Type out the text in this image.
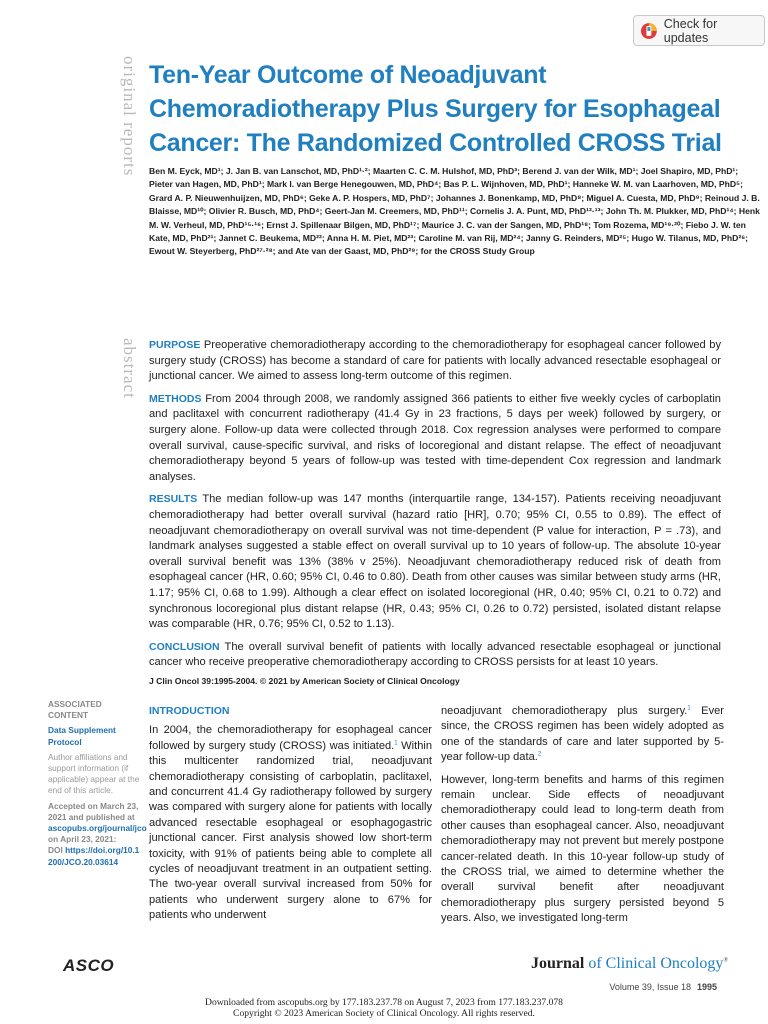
Check for updates
original reports
abstract
Ten-Year Outcome of Neoadjuvant Chemoradiotherapy Plus Surgery for Esophageal Cancer: The Randomized Controlled CROSS Trial
Ben M. Eyck, MD¹; J. Jan B. van Lanschot, MD, PhD¹·²; Maarten C. C. M. Hulshof, MD, PhD³; Berend J. van der Wilk, MD¹; Joel Shapiro, MD, PhD¹; Pieter van Hagen, MD, PhD¹; Mark I. van Berge Henegouwen, MD, PhD⁴; Bas P. L. Wijnhoven, MD, PhD¹; Hanneke W. M. van Laarhoven, MD, PhD⁵; Grard A. P. Nieuwenhuijzen, MD, PhD⁶; Geke A. P. Hospers, MD, PhD⁷; Johannes J. Bonenkamp, MD, PhD⁸; Miguel A. Cuesta, MD, PhD⁹; Reinoud J. B. Blaisse, MD¹⁰; Olivier R. Busch, MD, PhD⁴; Geert-Jan M. Creemers, MD, PhD¹¹; Cornelis J. A. Punt, MD, PhD¹²·¹³; John Th. M. Plukker, MD, PhD¹⁴; Henk M. W. Verheul, MD, PhD¹⁵·¹⁶; Ernst J. Spillenaar Bilgen, MD, PhD¹⁷; Maurice J. C. van der Sangen, MD, PhD¹⁸; Tom Rozema, MD¹⁹·²⁰; Fiebo J. W. ten Kate, MD, PhD²¹; Jannet C. Beukema, MD²²; Anna H. M. Piet, MD²³; Caroline M. van Rij, MD²⁴; Janny G. Reinders, MD²⁵; Hugo W. Tilanus, MD, PhD²⁶; Ewout W. Steyerberg, PhD²⁷·²⁸; and Ate van der Gaast, MD, PhD²⁹; for the CROSS Study Group

PURPOSE Preoperative chemoradiotherapy according to the chemoradiotherapy for esophageal cancer followed by surgery study (CROSS) has become a standard of care for patients with locally advanced resectable esophageal or junctional cancer. We aimed to assess long-term outcome of this regimen.

METHODS From 2004 through 2008, we randomly assigned 366 patients to either five weekly cycles of carboplatin and paclitaxel with concurrent radiotherapy (41.4 Gy in 23 fractions, 5 days per week) followed by surgery, or surgery alone. Follow-up data were collected through 2018. Cox regression analyses were performed to compare overall survival, cause-specific survival, and risks of locoregional and distant relapse. The effect of neoadjuvant chemoradiotherapy beyond 5 years of follow-up was tested with time-dependent Cox regression and landmark analyses.

RESULTS The median follow-up was 147 months (interquartile range, 134-157). Patients receiving neoadjuvant chemoradiotherapy had better overall survival (hazard ratio [HR], 0.70; 95% CI, 0.55 to 0.89). The effect of neoadjuvant chemoradiotherapy on overall survival was not time-dependent (P value for interaction, P = .73), and landmark analyses suggested a stable effect on overall survival up to 10 years of follow-up. The absolute 10-year overall survival benefit was 13% (38% v 25%). Neoadjuvant chemoradiotherapy reduced risk of death from esophageal cancer (HR, 0.60; 95% CI, 0.46 to 0.80). Death from other causes was similar between study arms (HR, 1.17; 95% CI, 0.68 to 1.99). Although a clear effect on isolated locoregional (HR, 0.40; 95% CI, 0.21 to 0.72) and synchronous locoregional plus distant relapse (HR, 0.43; 95% CI, 0.26 to 0.72) persisted, isolated distant relapse was comparable (HR, 0.76; 95% CI, 0.52 to 1.13).

CONCLUSION The overall survival benefit of patients with locally advanced resectable esophageal or junctional cancer who receive preoperative chemoradiotherapy according to CROSS persists for at least 10 years.

J Clin Oncol 39:1995-2004. © 2021 by American Society of Clinical Oncology
ASSOCIATED CONTENT
Data Supplement
Protocol
Author affiliations and support information (if applicable) appear at the end of this article.
Accepted on March 23, 2021 and published at
ascopubs.org/journal/jco
on April 23, 2021:
DOI https://doi.org/10.1200/JCO.20.03614
INTRODUCTION

In 2004, the chemoradiotherapy for esophageal cancer followed by surgery study (CROSS) was initiated.$^1$ Within this multicenter randomized trial, neoadjuvant chemoradiotherapy consisting of carboplatin, paclitaxel, and concurrent 41.4 Gy radiotherapy followed by surgery was compared with surgery alone for patients with locally advanced resectable esophageal or esophagogastric junctional cancer. First analysis showed low short-term toxicity, with 91% of patients being able to complete all cycles of neoadjuvant treatment in an outpatient setting. The two-year overall survival increased from 50% for patients who underwent surgery alone to 67% for patients who underwent

neoadjuvant chemoradiotherapy plus surgery.$^1$ Ever since, the CROSS regimen has been widely adopted as one of the standards of care and later supported by 5-year follow-up data.$^2$

However, long-term benefits and harms of this regimen remain unclear. Side effects of neoadjuvant chemoradiotherapy could lead to long-term death from other causes than esophageal cancer. Also, neoadjuvant chemoradiotherapy may not prevent but merely postpone cancer-related death. In this 10-year follow-up study of the CROSS trial, we aimed to determine whether the overall survival benefit after neoadjuvant chemoradiotherapy plus surgery persisted beyond 5 years. Also, we investigated long-term

ASCO	Journal of Clinical Oncology®
Volume 39, Issue 18 1995
Downloaded from ascopubs.org by 177.183.237.78 on August 7, 2023 from 177.183.237.078
Copyright © 2023 American Society of Clinical Oncology. All rights reserved.
